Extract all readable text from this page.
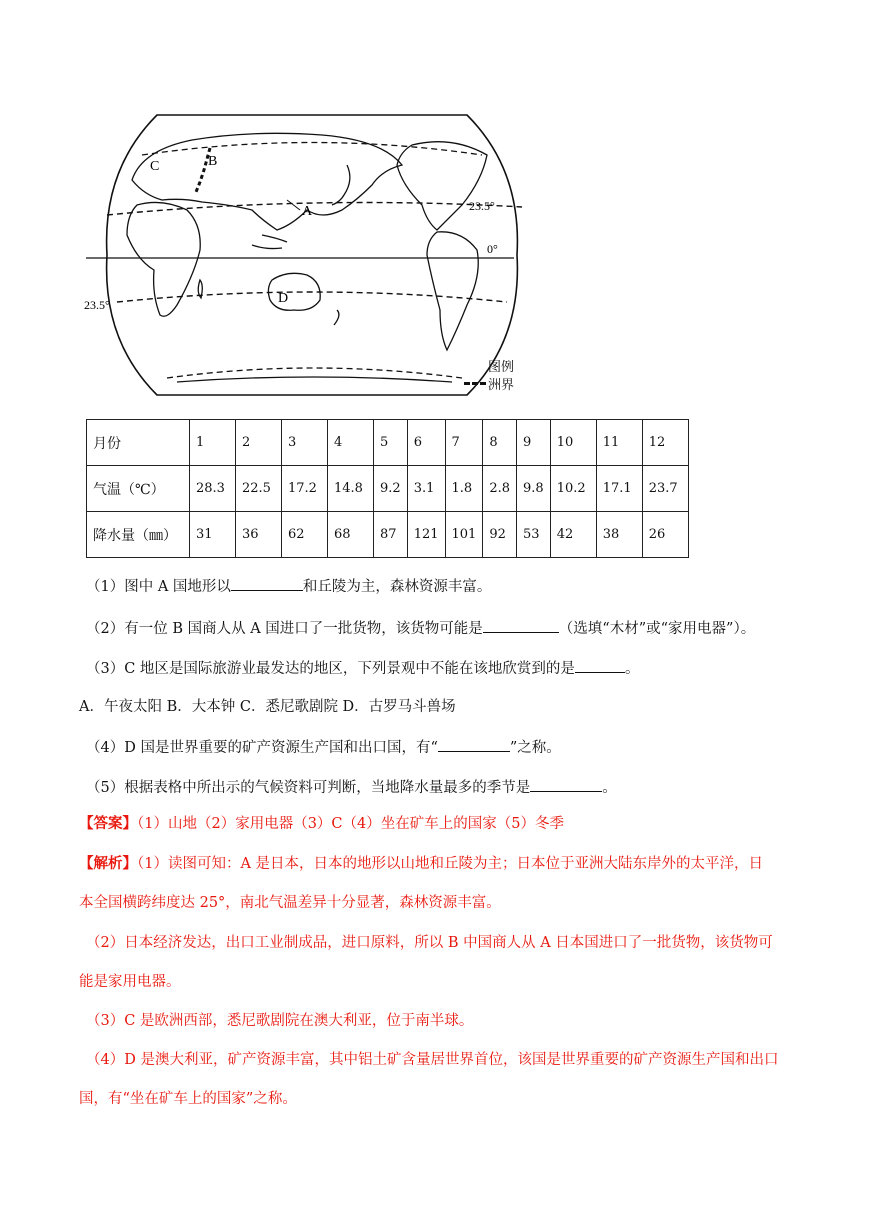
A
B
C
D
23.5°
0°
23.5°
图例
洲界
月份	1	2	3	4	5	6	7	8	9	10	11	12
气温（℃）	28.3	22.5	17.2	14.8	9.2	3.1	1.8	2.8	9.8	10.2	17.1	23.7
降水量（㎜）	31	36	62	68	87	121	101	92	53	42	38	26
（1）图中 A 国地形以	和丘陵为主，森林资源丰富。
（2）有一位 B 国商人从 A 国进口了一批货物，该货物可能是	（选填“木材”或“家用电器”）。
（3）C 地区是国际旅游业最发达的地区，下列景观中不能在该地欣赏到的是	。
A．午夜太阳 B．大本钟 C．悉尼歌剧院 D．古罗马斗兽场
（4）D 国是世界重要的矿产资源生产国和出口国，有“	”之称。
（5）根据表格中所出示的气候资料可判断，当地降水量最多的季节是	。
【答案】（1）山地（2）家用电器（3）C（4）坐在矿车上的国家（5）冬季
【解析】（1）读图可知：A 是日本，日本的地形以山地和丘陵为主；日本位于亚洲大陆东岸外的太平洋，日
本全国横跨纬度达 25°，南北气温差异十分显著，森林资源丰富。
（2）日本经济发达，出口工业制成品，进口原料，所以 B 中国商人从 A 日本国进口了一批货物，该货物可
能是家用电器。
（3）C 是欧洲西部，悉尼歌剧院在澳大利亚，位于南半球。
（4）D 是澳大利亚，矿产资源丰富，其中铝土矿含量居世界首位，该国是世界重要的矿产资源生产国和出口
国，有“坐在矿车上的国家”之称。
